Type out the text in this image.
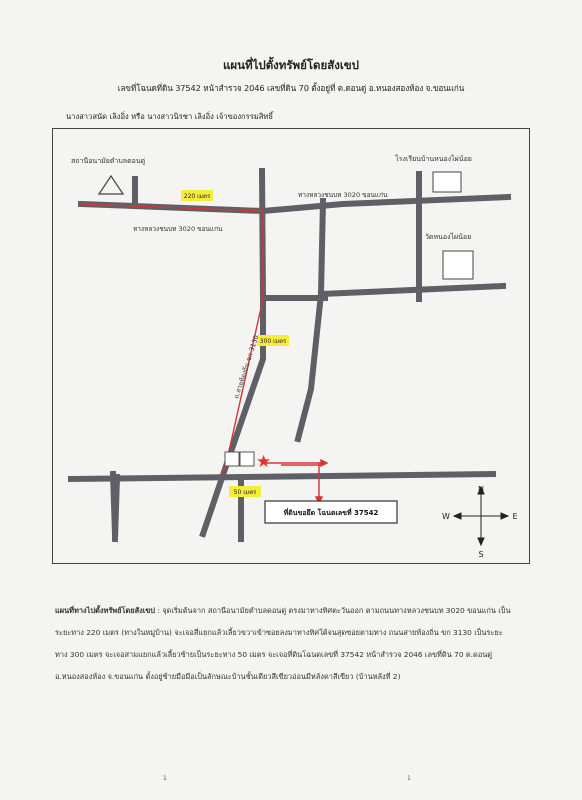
แผนที่ไปตั้งทรัพย์โดยสังเขป
เลขที่โฉนดที่ดิน 37542 หน้าสำรวจ 2046 เลขที่ดิน 70 ตั้งอยู่ที่ ต.ดอนดู่ อ.หนองสองห้อง จ.ขอนแก่น
นางสาวสนัด เลิงอิ่ง หรือ นางสาวนิรชา เลิงอิ่ง เจ้าของกรรมสิทธิ์
★
220 เมตร
300 เมตร
50 เมตร
สถานีอนามัยตำบลดอนดู่	โรงเรียนบ้านหนองไผ่น้อย
วัดหนองไผ่น้อย
ทางหลวงชนบท 3020 ขอนแก่น
ทางหลวงชนบท 3020 ขอนแก่น
ถ.สายท้องถิ่น ขก 3130
ที่ดินขอยึด โฉนดเลขที่ 37542
N
S
W	E
แผนที่ทางไปตั้งทรัพย์โดยสังเขป : จุดเริ่มต้นจาก สถานีอนามัยตำบลดอนดู่ ตรงมาทางทิศตะวันออก ตามถนนทางหลวงชนบท 3020 ขอนแก่น เป็นระยะทาง 220 เมตร (ทางในหมู่บ้าน) จะเจอสี่แยกแล้วเลี้ยวขวาเข้าซอยลงมาทางทิศใต้จนสุดซอยตามทาง ถนนสายท้องถิ่น ขก 3130 เป็นระยะทาง 300 เมตร จะเจอสามแยกแล้วเลี้ยวซ้ายเป็นระยะทาง 50 เมตร จะเจอที่ดินโฉนดเลขที่ 37542 หน้าสำรวจ 2046 เลขที่ดิน 70 ต.ดอนดู่ อ.หนองสองห้อง จ.ขอนแก่น ตั้งอยู่ซ้ายมือมีอเป็นลักษณะบ้านชั้นเดียวสีเขียวอ่อนมีหลังคาสีเขียว (บ้านหลังที่ 2)
1	1
